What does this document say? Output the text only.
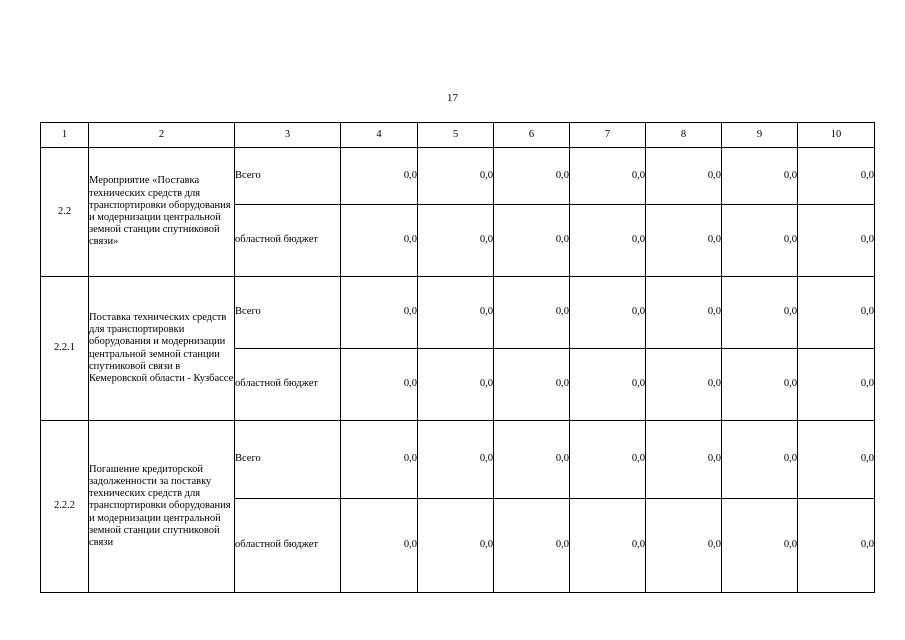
17
1	2	3	4	5	6	7	8	9	10
2.2	Мероприятие «Поставка технических средств для транспортировки оборудования и модернизации центральной земной станции спутниковой связи»	Всего	0,0	0,0	0,0	0,0	0,0	0,0	0,0
		областной бюджет	0,0	0,0	0,0	0,0	0,0	0,0	0,0
2.2.1	Поставка технических средств для транспортировки оборудования и модернизации центральной земной станции спутниковой связи в Кемеровской области - Кузбассе	Всего	0,0	0,0	0,0	0,0	0,0	0,0	0,0
		областной бюджет	0,0	0,0	0,0	0,0	0,0	0,0	0,0
2.2.2	Погашение кредиторской задолженности за поставку технических средств для транспортировки оборудования и модернизации центральной земной станции спутниковой связи	Всего	0,0	0,0	0,0	0,0	0,0	0,0	0,0
		областной бюджет	0,0	0,0	0,0	0,0	0,0	0,0	0,0
